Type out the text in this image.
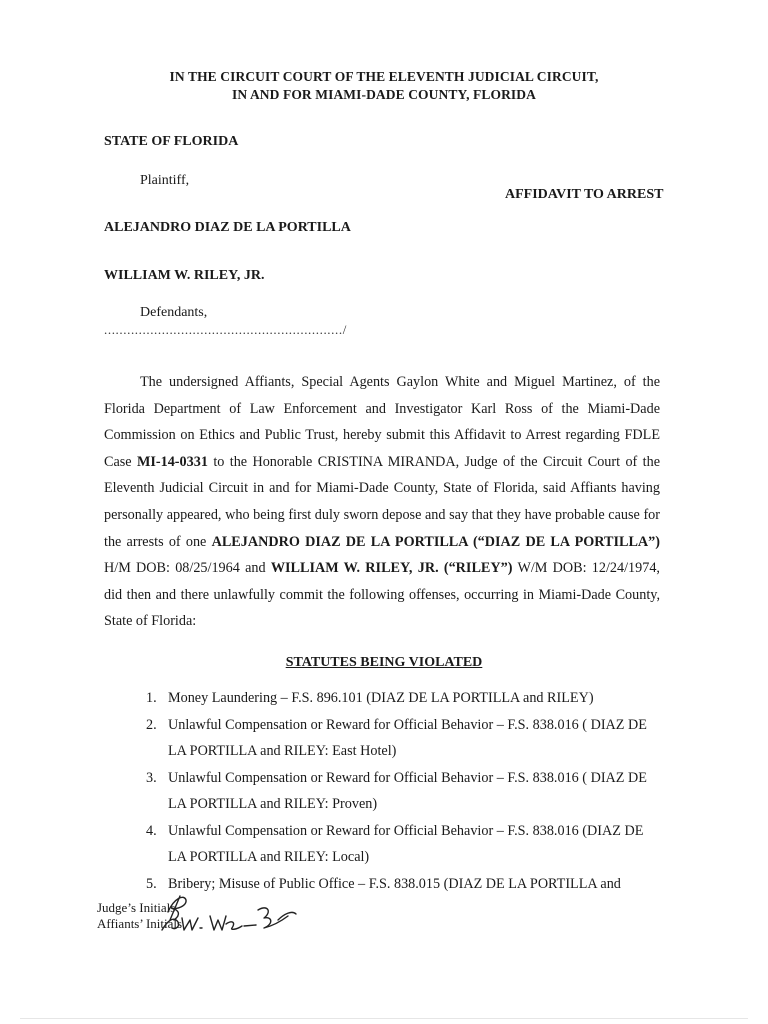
IN THE CIRCUIT COURT OF THE ELEVENTH JUDICIAL CIRCUIT,
IN AND FOR MIAMI-DADE COUNTY, FLORIDA
STATE OF FLORIDA
Plaintiff,
AFFIDAVIT TO ARREST
ALEJANDRO DIAZ DE LA PORTILLA
WILLIAM W. RILEY, JR.
Defendants,
............................................................../
The undersigned Affiants, Special Agents Gaylon White and Miguel Martinez, of the
Florida Department of Law Enforcement and Investigator Karl Ross of the Miami-Dade
Commission on Ethics and Public Trust, hereby submit this Affidavit to Arrest regarding FDLE
Case MI-14-0331 to the Honorable CRISTINA MIRANDA, Judge of the Circuit Court of the
Eleventh Judicial Circuit in and for Miami-Dade County, State of Florida, said Affiants having
personally appeared, who being first duly sworn depose and say that they have probable cause for
the arrests of one ALEJANDRO DIAZ DE LA PORTILLA (“DIAZ DE LA PORTILLA”)
H/M DOB: 08/25/1964 and WILLIAM W. RILEY, JR. (“RILEY”) W/M DOB: 12/24/1974,
did then and there unlawfully commit the following offenses, occurring in Miami-Dade County,
State of Florida:
STATUTES BEING VIOLATED
1. Money Laundering – F.S. 896.101 (DIAZ DE LA PORTILLA and RILEY)
2. Unlawful Compensation or Reward for Official Behavior – F.S. 838.016 ( DIAZ DE
LA PORTILLA and RILEY: East Hotel)
3. Unlawful Compensation or Reward for Official Behavior – F.S. 838.016 ( DIAZ DE
LA PORTILLA and RILEY: Proven)
4. Unlawful Compensation or Reward for Official Behavior – F.S. 838.016 (DIAZ DE
LA PORTILLA and RILEY: Local)
5. Bribery; Misuse of Public Office – F.S. 838.015 (DIAZ DE LA PORTILLA and
Judge’s Initials
Affiants’ Initials
